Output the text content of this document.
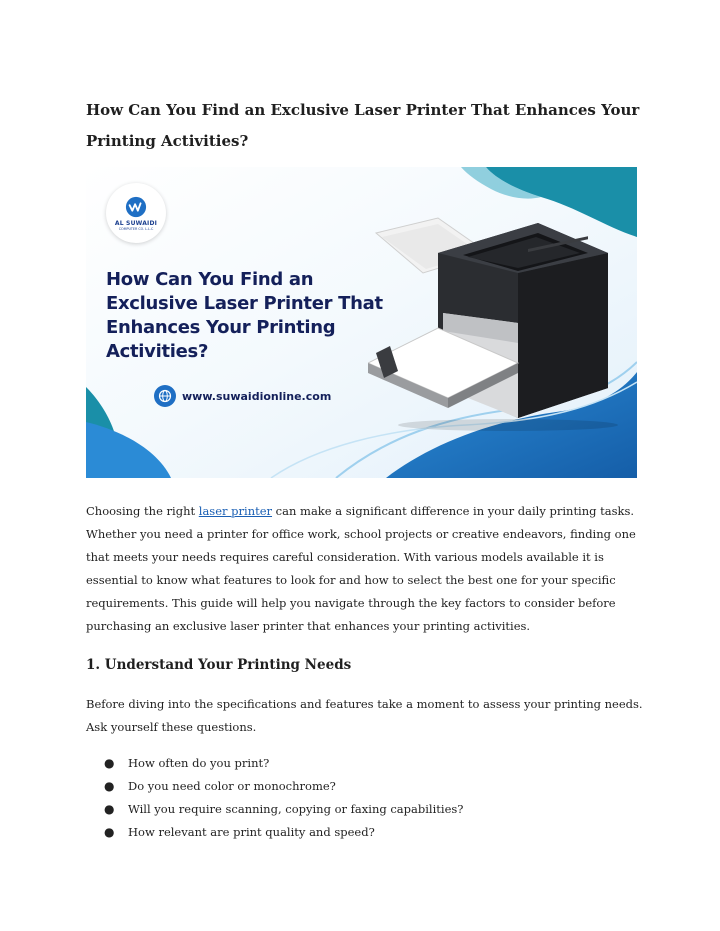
How Can You Find an Exclusive Laser Printer That Enhances Your Printing Activities?
AL SUWAIDI
COMPUTER CO. L.L.C

How Can You Find an Exclusive Laser Printer That Enhances Your Printing Activities?

www.suwaidionline.com

Choosing the right laser printer can make a significant difference in your daily printing tasks. Whether you need a printer for office work, school projects or creative endeavors, finding one that meets your needs requires careful consideration. With various models available it is essential to know what features to look for and how to select the best one for your specific requirements. This guide will help you navigate through the key factors to consider before purchasing an exclusive laser printer that enhances your printing activities.

1. Understand Your Printing Needs

Before diving into the specifications and features take a moment to assess your printing needs. Ask yourself these questions.

● How often do you print?
● Do you need color or monochrome?
● Will you require scanning, copying or faxing capabilities?
● How relevant are print quality and speed?
